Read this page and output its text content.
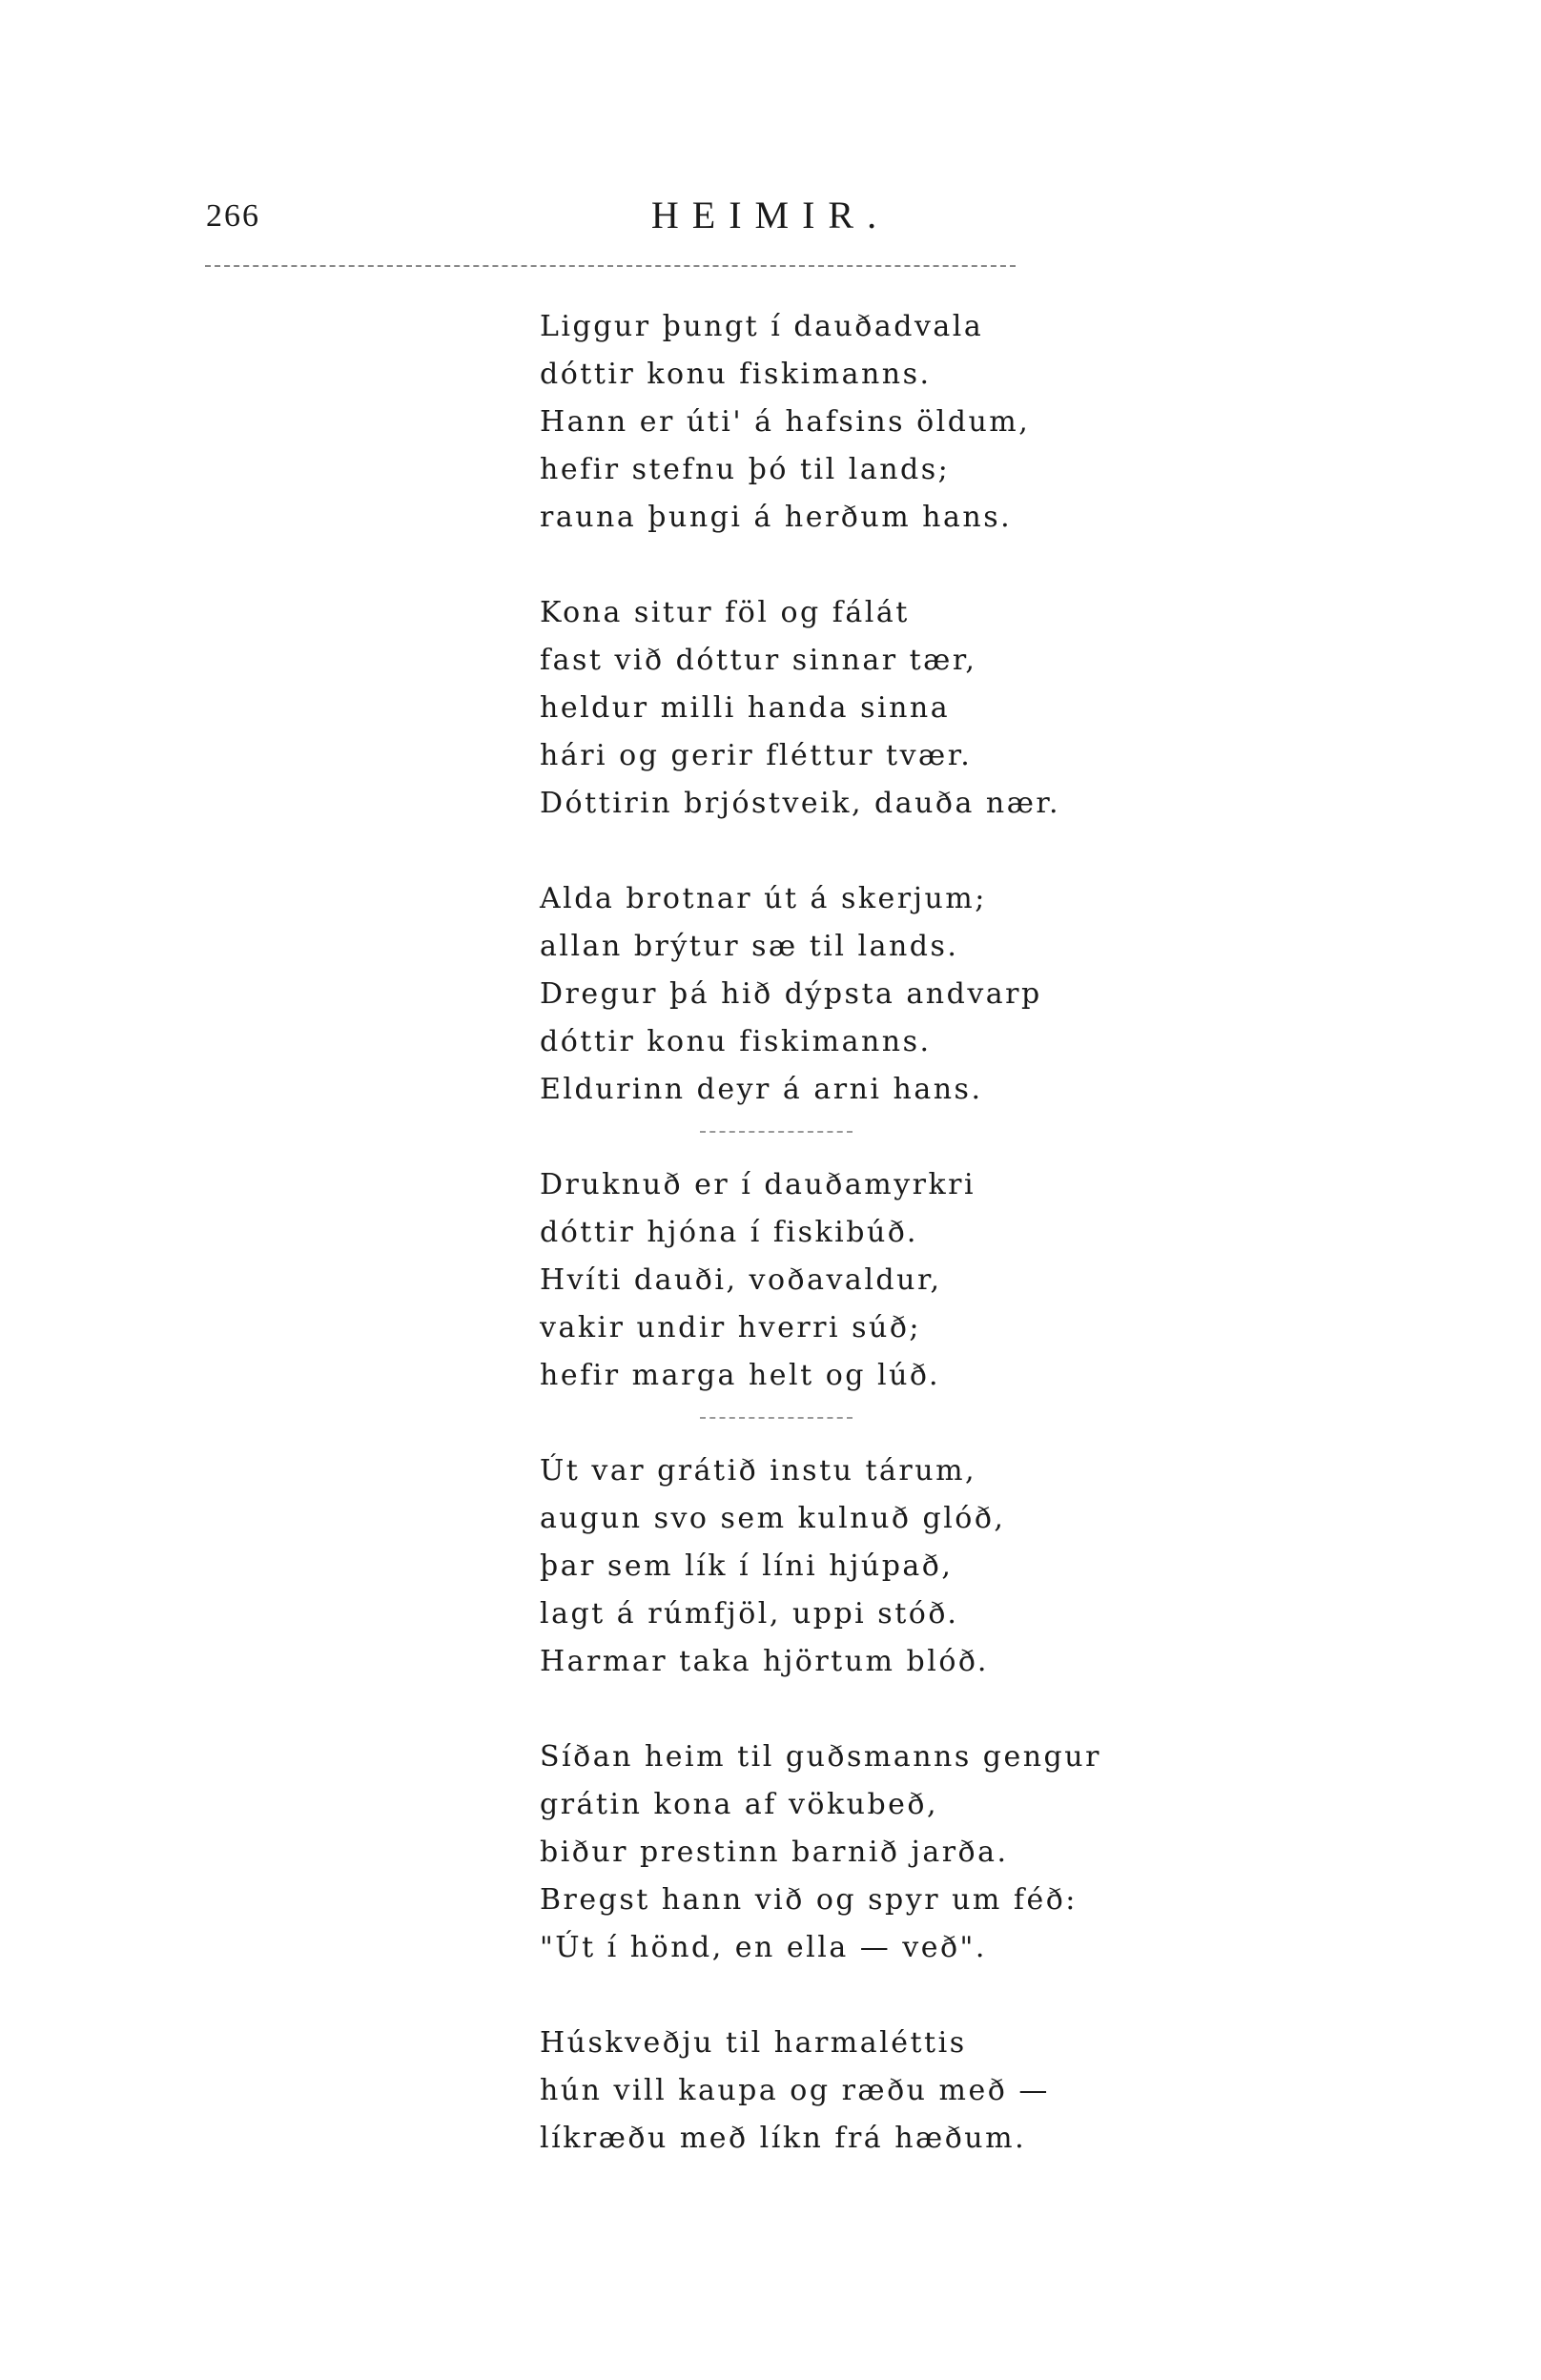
266	HEIMIR.
Liggur þungt í dauðadvala
dóttir konu fiskimanns.
Hann er úti' á hafsins öldum,
hefir stefnu þó til lands;
rauna þungi á herðum hans.
Kona situr föl og fálát
fast við dóttur sinnar tær,
heldur milli handa sinna
hári og gerir fléttur tvær.
Dóttirin brjóstveik, dauða nær.
Alda brotnar út á skerjum;
allan brýtur sæ til lands.
Dregur þá hið dýpsta andvarp
dóttir konu fiskimanns.
Eldurinn deyr á arni hans.
Druknuð er í dauðamyrkri
dóttir hjóna í fiskibúð.
Hvíti dauði, voðavaldur,
vakir undir hverri súð;
hefir marga helt og lúð.
Út var grátið instu tárum,
augun svo sem kulnuð glóð,
þar sem lík í líni hjúpað,
lagt á rúmfjöl, uppi stóð.
Harmar taka hjörtum blóð.
Síðan heim til guðsmanns gengur
grátin kona af vökubeð,
biður prestinn barnið jarða.
Bregst hann við og spyr um féð:
"Út í hönd, en ella — veð".
Húskveðju til harmaléttis
hún vill kaupa og ræðu með —
líkræðu með líkn frá hæðum.
